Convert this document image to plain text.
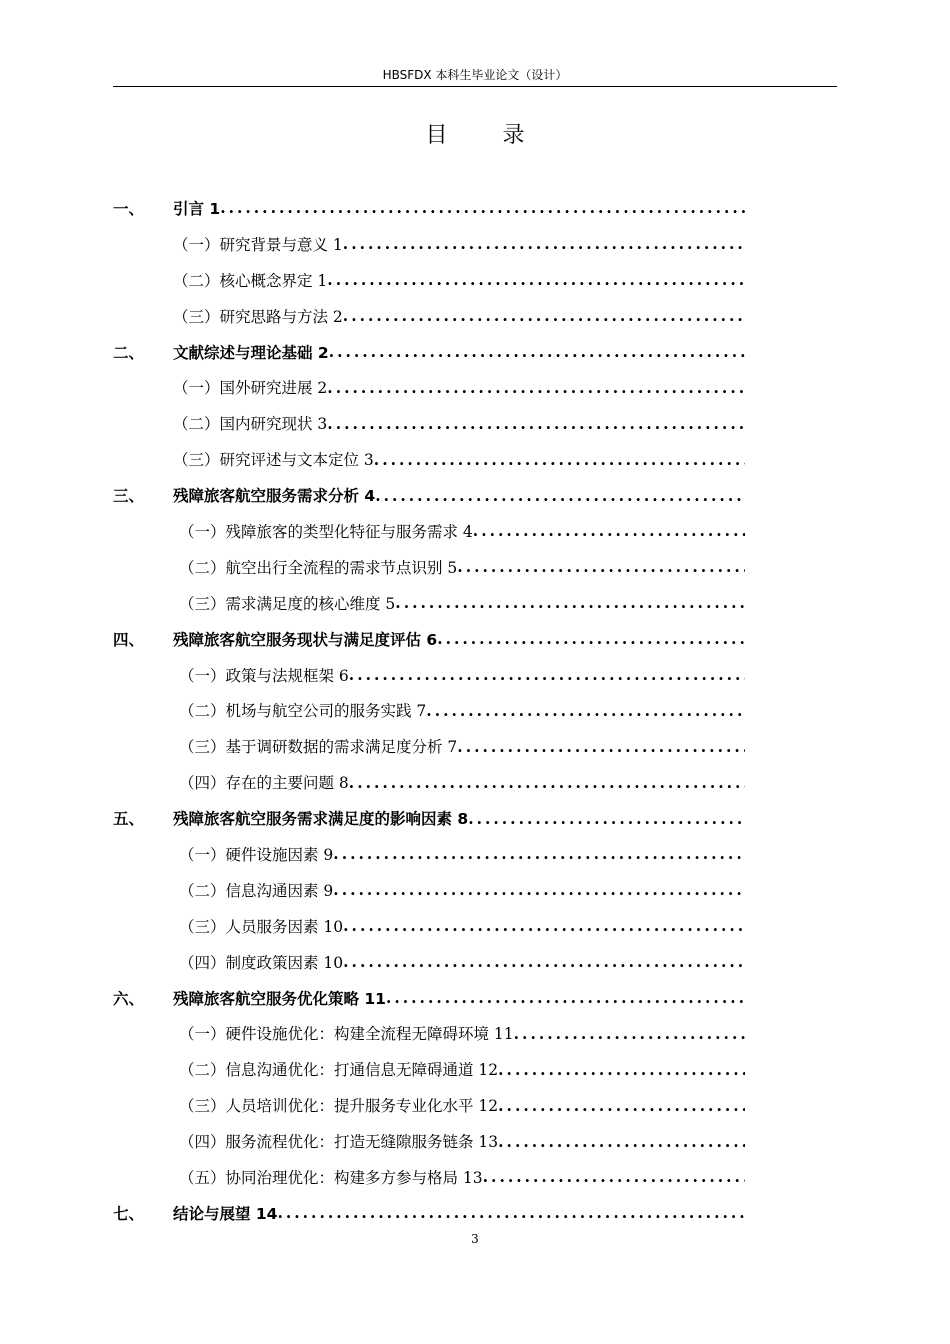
HBSFDX 本科生毕业论文（设计）
目 录
一、	引言 1
.....
（一）研究背景与意义 1
.....
（二）核心概念界定 1
.....
（三）研究思路与方法 2
.....
二、	文献综述与理论基础 2
.....
（一）国外研究进展 2
.....
（二）国内研究现状 3
.....
（三）研究评述与文本定位 3
.....
三、	残障旅客航空服务需求分析 4
.....
（一）残障旅客的类型化特征与服务需求 4
.....
（二）航空出行全流程的需求节点识别 5
.....
（三）需求满足度的核心维度 5
.....
四、	残障旅客航空服务现状与满足度评估 6
.....
（一）政策与法规框架 6
.....
（二）机场与航空公司的服务实践 7
.....
（三）基于调研数据的需求满足度分析 7
.....
（四）存在的主要问题 8
.....
五、	残障旅客航空服务需求满足度的影响因素 8
.....
（一）硬件设施因素 9
.....
（二）信息沟通因素 9
.....
（三）人员服务因素 10
.....
（四）制度政策因素 10
.....
六、	残障旅客航空服务优化策略 11
.....
（一）硬件设施优化：构建全流程无障碍环境 11
.....
（二）信息沟通优化：打通信息无障碍通道 12
.....
（三）人员培训优化：提升服务专业化水平 12
.....
（四）服务流程优化：打造无缝隙服务链条 13
.....
（五）协同治理优化：构建多方参与格局 13
.....
七、	结论与展望 14
.....
3
